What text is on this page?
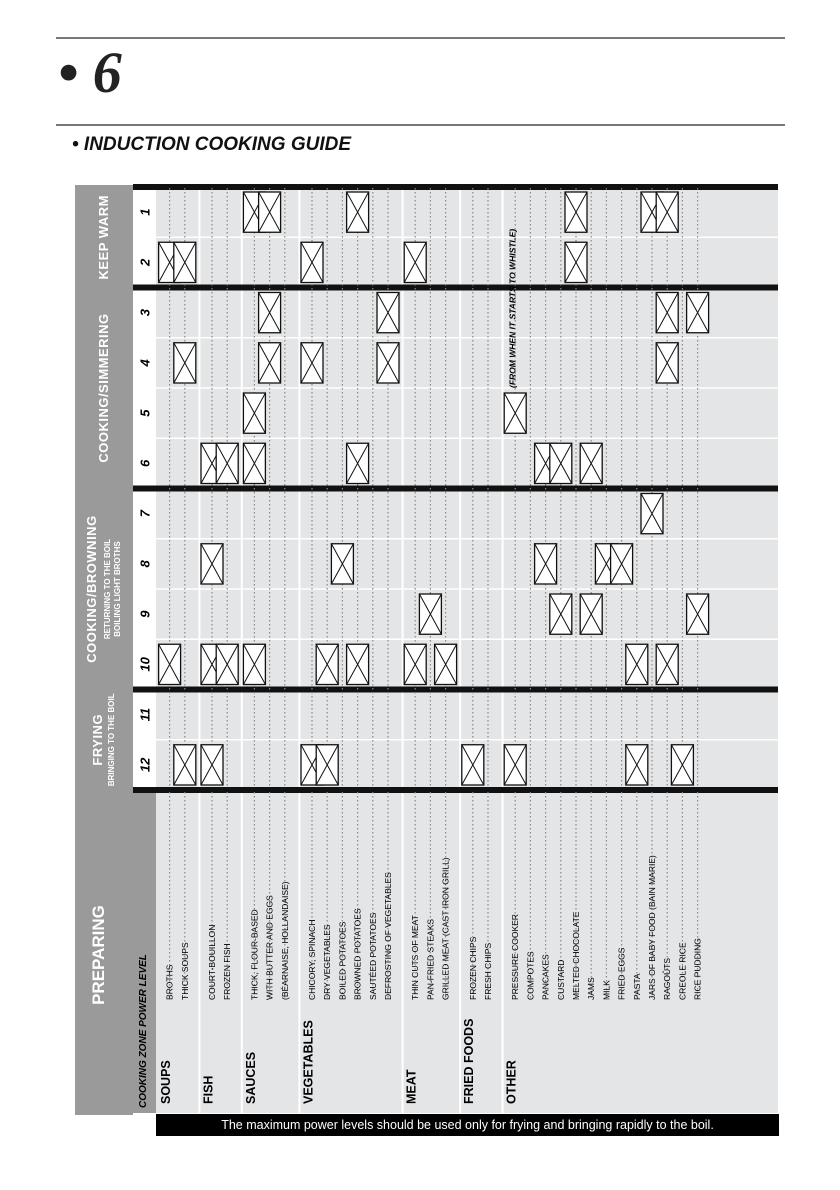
• 6
• INDUCTION COOKING GUIDE
1
2
3
4
5
6
7
8
9
10
11
12
FRYING BRINGING TO THE BOIL
COOKING/BROWNING RETURNING TO THE BOIL BOILING LIGHT BROTHS
COOKING/SIMMERING
KEEP WARM
COOKING ZONE POWER LEVEL
PREPARING
(FROM WHEN IT STARTS TO WHISTLE)
SOUPS
BROTHS THICK SOUPS
FISH
COURT-BOUILLON FROZEN FISH
SAUCES
THICK, FLOUR-BASED WITH BUTTER AND EGGS (BÉARNAISE, HOLLANDAISE)
VEGETABLES
CHICORY, SPINACH DRY VEGETABLES BOILED POTATOES BROWNED POTATOES SAUTÉED POTATOES DEFROSTING OF VEGETABLES
MEAT
THIN CUTS OF MEAT PAN-FRIED STEAKS GRILLED MEAT (CAST IRON GRILL)
FRIED FOODS
FROZEN CHIPS FRESH CHIPS
OTHER
PRESSURE COOKER COMPOTES PANCAKES CUSTARD MELTED CHOCOLATE JAMS MILK FRIED EGGS PASTA JARS OF BABY FOOD (BAIN MARIE) RAGOÛTS CREOLE RICE RICE PUDDING
The maximum power levels should be used only for frying and bringing rapidly to the boil.
